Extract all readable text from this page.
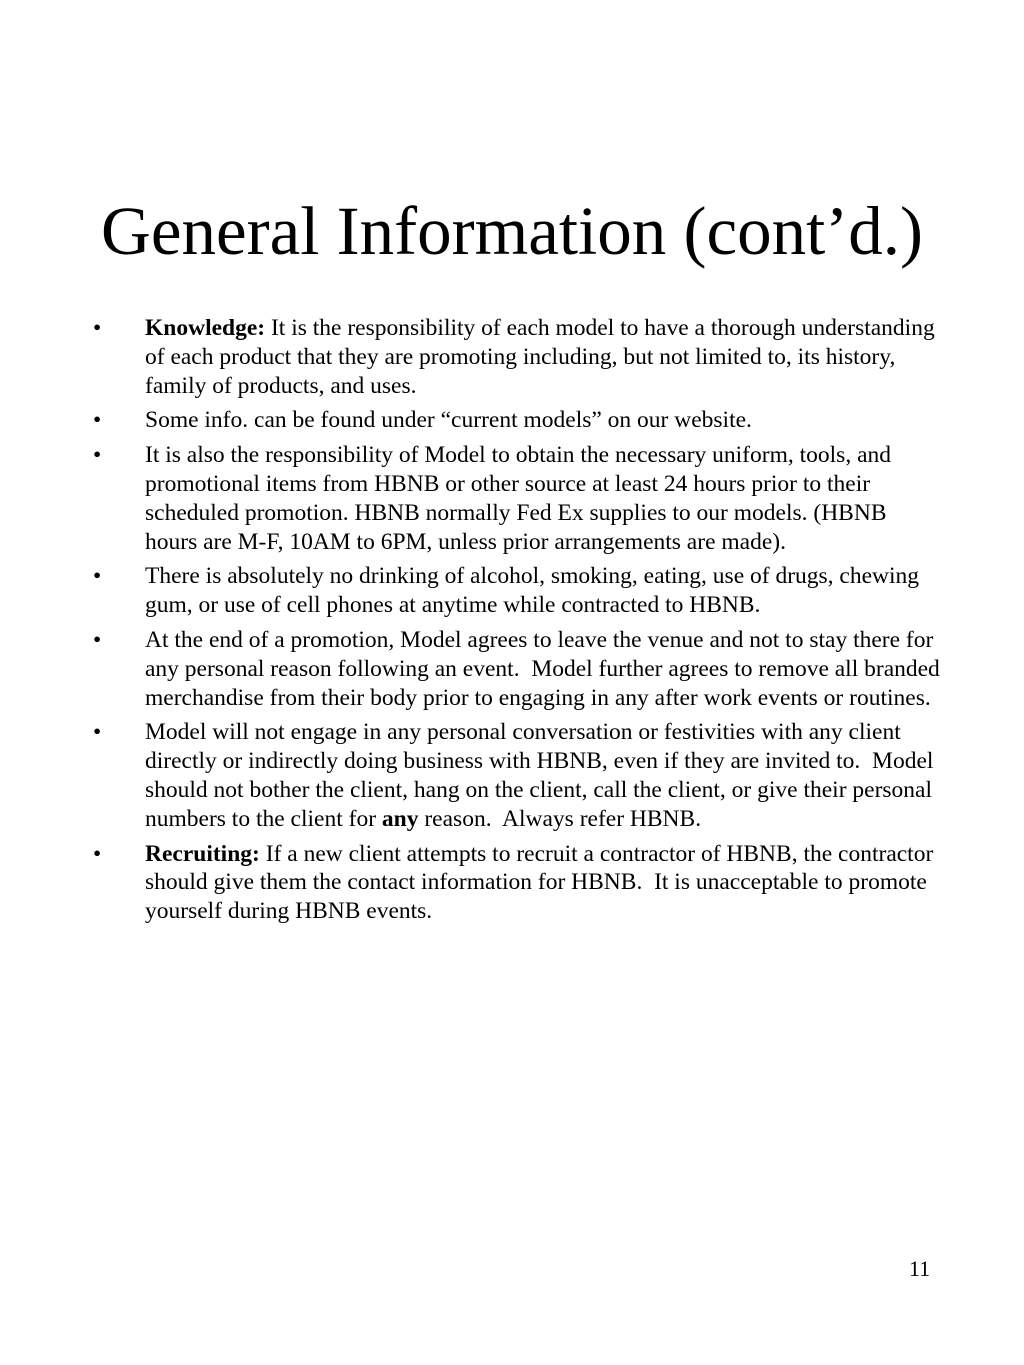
General Information (cont’d.)
• Knowledge: It is the responsibility of each model to have a thorough understanding of each product that they are promoting including, but not limited to, its history, family of products, and uses.
• Some info. can be found under “current models” on our website.
• It is also the responsibility of Model to obtain the necessary uniform, tools, and promotional items from HBNB or other source at least 24 hours prior to their scheduled promotion. HBNB normally Fed Ex supplies to our models. (HBNB hours are M-F, 10AM to 6PM, unless prior arrangements are made).
• There is absolutely no drinking of alcohol, smoking, eating, use of drugs, chewing gum, or use of cell phones at anytime while contracted to HBNB.
• At the end of a promotion, Model agrees to leave the venue and not to stay there for any personal reason following an event.  Model further agrees to remove all branded merchandise from their body prior to engaging in any after work events or routines.
• Model will not engage in any personal conversation or festivities with any client directly or indirectly doing business with HBNB, even if they are invited to.  Model should not bother the client, hang on the client, call the client, or give their personal numbers to the client for any reason.  Always refer HBNB.
• Recruiting: If a new client attempts to recruit a contractor of HBNB, the contractor should give them the contact information for HBNB.  It is unacceptable to promote yourself during HBNB events.
11
